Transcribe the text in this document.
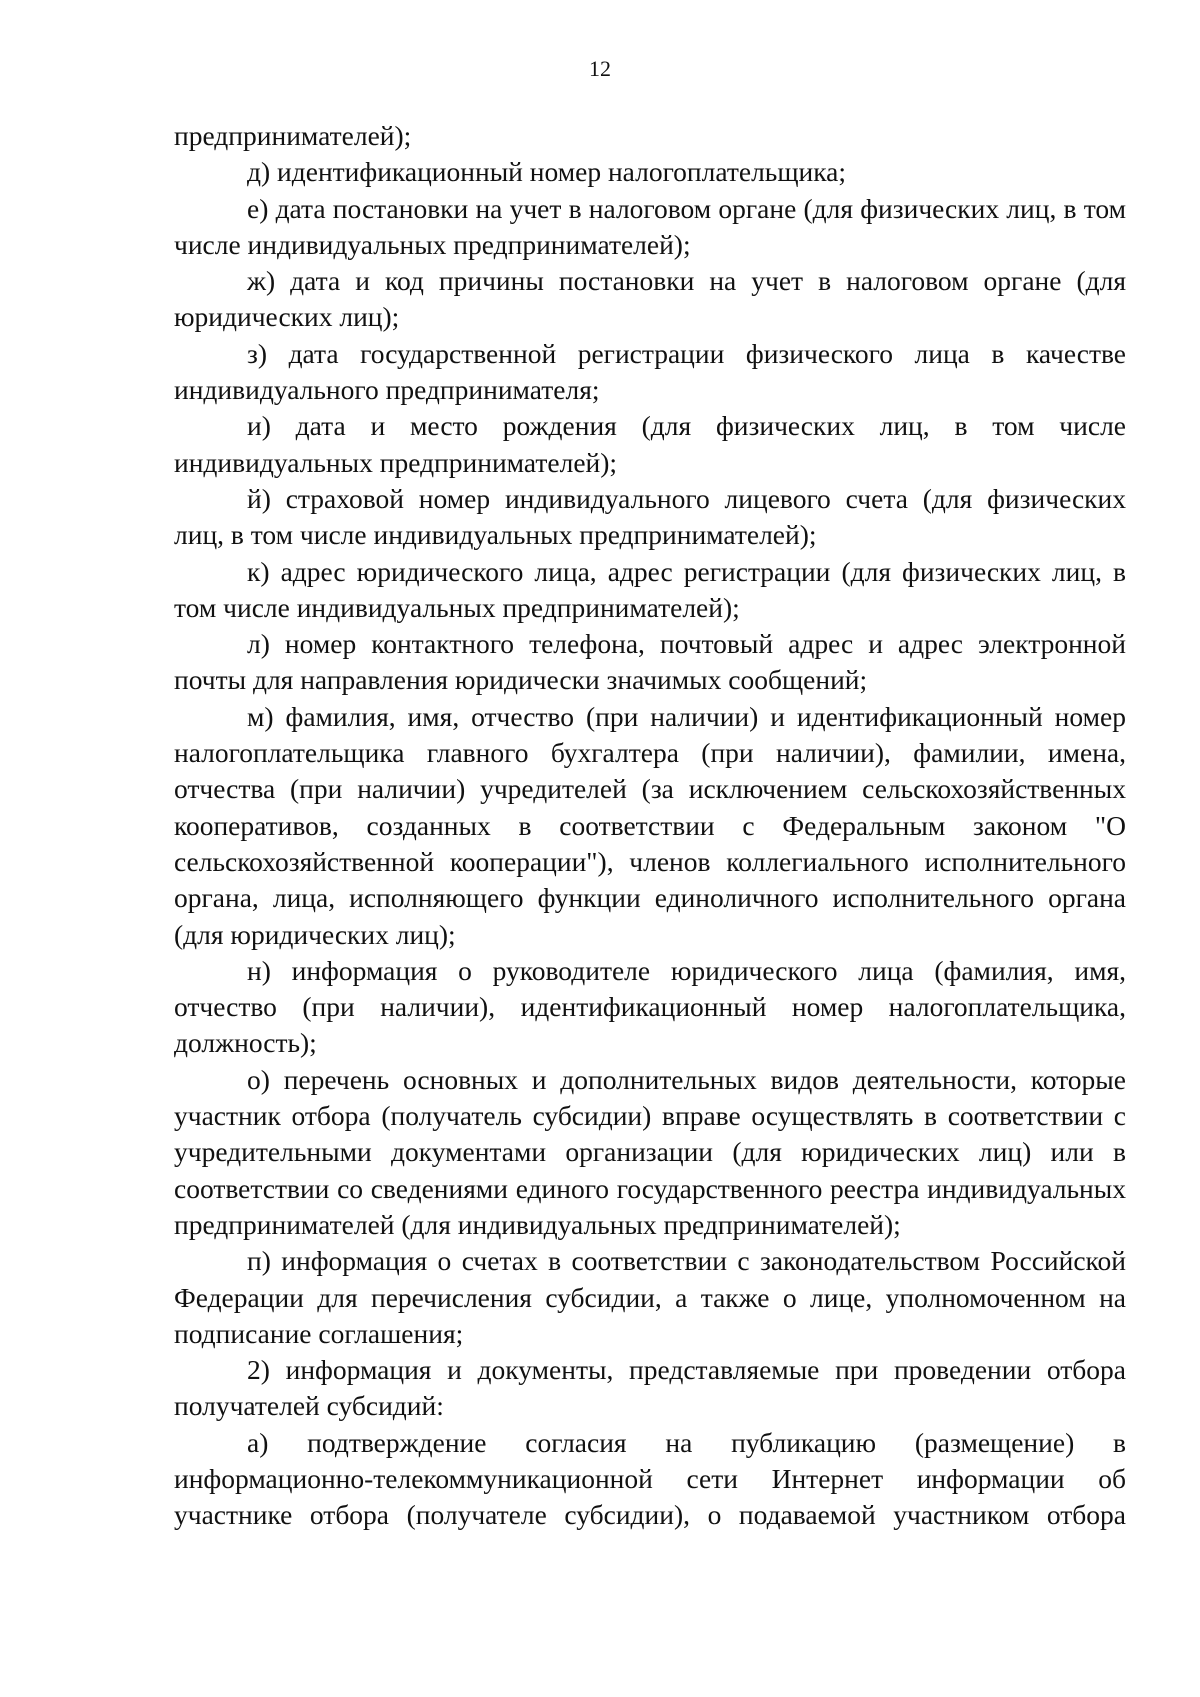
12

предпринимателей);

д) идентификационный номер налогоплательщика;

е) дата постановки на учет в налоговом органе (для физических лиц, в том числе индивидуальных предпринимателей);

ж) дата и код причины постановки на учет в налоговом органе (для юридических лиц);

з) дата государственной регистрации физического лица в качестве индивидуального предпринимателя;

и) дата и место рождения (для физических лиц, в том числе индивидуальных предпринимателей);

й) страховой номер индивидуального лицевого счета (для физических лиц, в том числе индивидуальных предпринимателей);

к) адрес юридического лица, адрес регистрации (для физических лиц, в том числе индивидуальных предпринимателей);

л) номер контактного телефона, почтовый адрес и адрес электронной почты для направления юридически значимых сообщений;

м) фамилия, имя, отчество (при наличии) и идентификационный номер налогоплательщика главного бухгалтера (при наличии), фамилии, имена, отчества (при наличии) учредителей (за исключением сельскохозяйственных кооперативов, созданных в соответствии с Федеральным законом "О сельскохозяйственной кооперации"), членов коллегиального исполнительного органа, лица, исполняющего функции единоличного исполнительного органа (для юридических лиц);

н) информация о руководителе юридического лица (фамилия, имя, отчество (при наличии), идентификационный номер налогоплательщика, должность);

о) перечень основных и дополнительных видов деятельности, которые участник отбора (получатель субсидии) вправе осуществлять в соответствии с учредительными документами организации (для юридических лиц) или в соответствии со сведениями единого государственного реестра индивидуальных предпринимателей (для индивидуальных предпринимателей);

п) информация о счетах в соответствии с законодательством Российской Федерации для перечисления субсидии, а также о лице, уполномоченном на подписание соглашения;

2) информация и документы, представляемые при проведении отбора получателей субсидий:

а) подтверждение согласия на публикацию (размещение) в информационно-телекоммуникационной сети Интернет информации об участнике отбора (получателе субсидии), о подаваемой участником отбора
